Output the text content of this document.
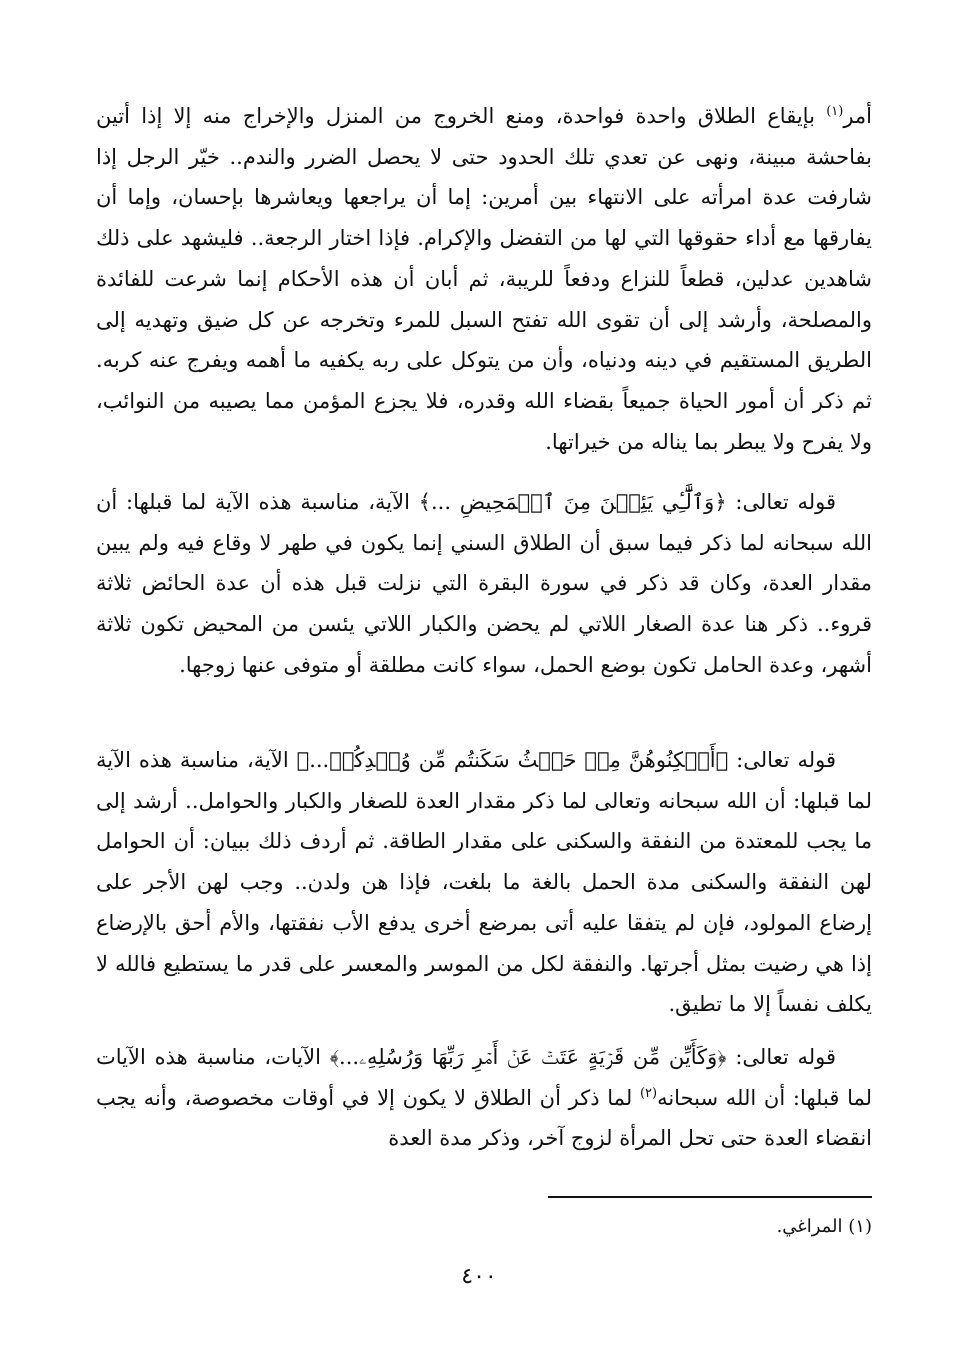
أمر$^{(١)}$ بإيقاع الطلاق واحدة فواحدة، ومنع الخروج من المنزل والإخراج منه إلا إذا أتين بفاحشة مبينة، ونهى عن تعدي تلك الحدود حتى لا يحصل الضرر والندم.. خيّر الرجل إذا شارفت عدة امرأته على الانتهاء بين أمرين: إما أن يراجعها ويعاشرها بإحسان، وإما أن يفارقها مع أداء حقوقها التي لها من التفضل والإكرام. فإذا اختار الرجعة.. فليشهد على ذلك شاهدين عدلين، قطعاً للنزاع ودفعاً للريبة، ثم أبان أن هذه الأحكام إنما شرعت للفائدة والمصلحة، وأرشد إلى أن تقوى الله تفتح السبل للمرء وتخرجه عن كل ضيق وتهديه إلى الطريق المستقيم في دينه ودنياه، وأن من يتوكل على ربه يكفيه ما أهمه ويفرج عنه كربه. ثم ذكر أن أمور الحياة جميعاً بقضاء الله وقدره، فلا يجزع المؤمن مما يصيبه من النوائب، ولا يفرح ولا يبطر بما يناله من خيراتها.

قوله تعالى: ﴿وَٱلَّٰٓـِٔي يَئِسۡنَ مِنَ ٱلۡمَحِيضِ ...﴾ الآية، مناسبة هذه الآية لما قبلها: أن الله سبحانه لما ذكر فيما سبق أن الطلاق السني إنما يكون في طهر لا وقاع فيه ولم يبين مقدار العدة، وكان قد ذكر في سورة البقرة التي نزلت قبل هذه أن عدة الحائض ثلاثة قروء.. ذكر هنا عدة الصغار اللاتي لم يحضن والكبار اللاتي يئسن من المحيض تكون ثلاثة أشهر، وعدة الحامل تكون بوضع الحمل، سواء كانت مطلقة أو متوفى عنها زوجها.

قوله تعالى: ﴿أَسۡكِنُوهُنَّ مِنۡ حَيۡثُ سَكَنتُم مِّن وُجۡدِكُمۡ...﴾ الآية، مناسبة هذه الآية لما قبلها: أن الله سبحانه وتعالى لما ذكر مقدار العدة للصغار والكبار والحوامل.. أرشد إلى ما يجب للمعتدة من النفقة والسكنى على مقدار الطاقة. ثم أردف ذلك ببيان: أن الحوامل لهن النفقة والسكنى مدة الحمل بالغة ما بلغت، فإذا هن ولدن.. وجب لهن الأجر على إرضاع المولود، فإن لم يتفقا عليه أتى بمرضع أخرى يدفع الأب نفقتها، والأم أحق بالإرضاع إذا هي رضيت بمثل أجرتها. والنفقة لكل من الموسر والمعسر على قدر ما يستطيع فالله لا يكلف نفساً إلا ما تطيق.

قوله تعالى: ﴿وَكَأَيِّن مِّن قَرۡيَةٍ عَتَتۡ عَنۡ أَمۡرِ رَبِّهَا وَرُسُلِهِۦ...﴾ الآيات، مناسبة هذه الآيات لما قبلها: أن الله سبحانه$^{(٢)}$ لما ذكر أن الطلاق لا يكون إلا في أوقات مخصوصة، وأنه يجب انقضاء العدة حتى تحل المرأة لزوج آخر، وذكر مدة العدة

(١) المراغي.
٤٠٠
